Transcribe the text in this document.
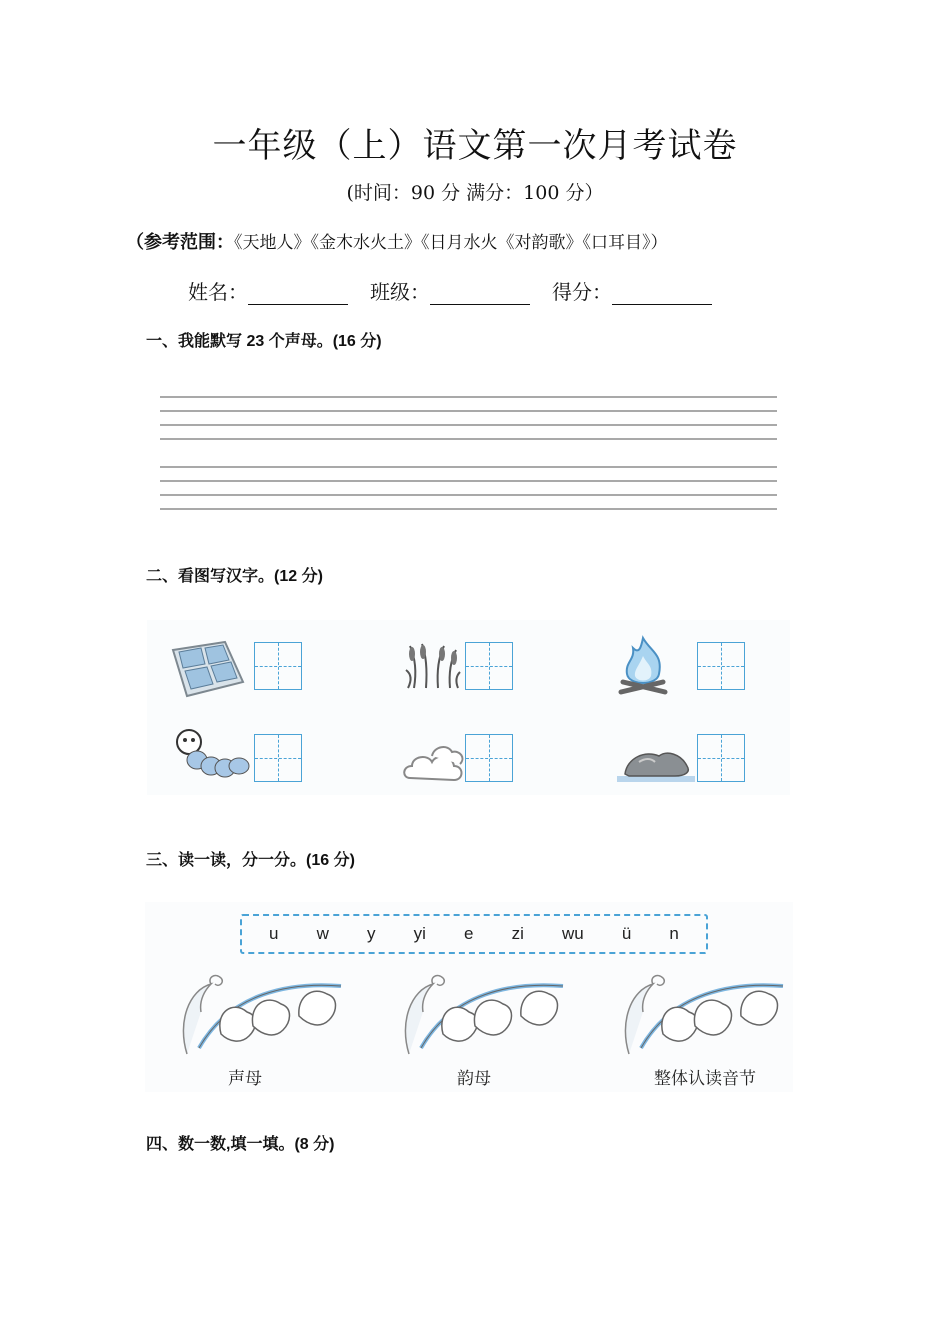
一年级（上）语文第一次月考试卷
(时间：90 分 满分：100 分）
（参考范围：《天地人》《金木水火土》《日月水火《对韵歌》《口耳目》）
姓名：	班级：	得分：
一、我能默写 23 个声母。(16 分)
二、看图写汉字。(12 分)
三、读一读，分一分。(16 分)
u w y yi e zi wu ü n
声母	韵母	整体认读音节
四、数一数,填一填。(8 分)
